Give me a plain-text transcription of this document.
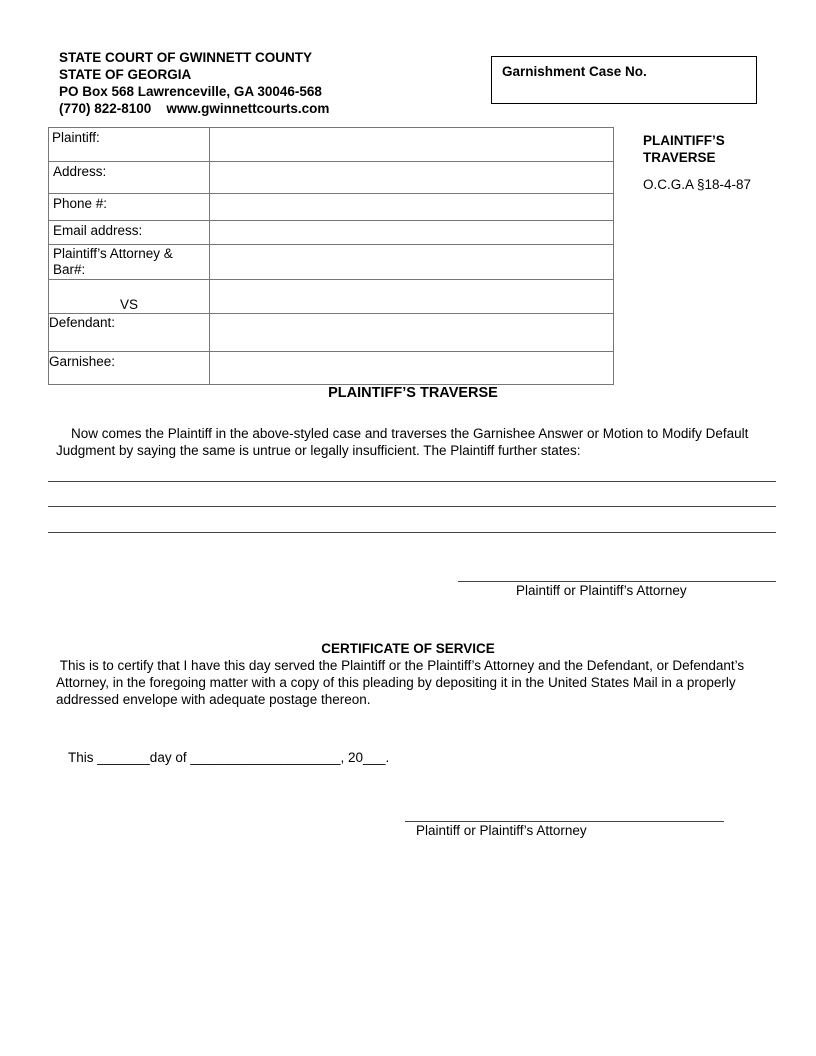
STATE COURT OF GWINNETT COUNTY
STATE OF GEORGIA
PO Box 568 Lawrenceville, GA 30046-568
(770) 822-8100    www.gwinnettcourts.com
Garnishment Case No.
PLAINTIFF’S
TRAVERSE
O.C.G.A §18-4-87
Plaintiff:	

Address:	

Phone #:	

Email address:	

Plaintiff’s Attorney &
Bar#:	

VS	

Defendant:	

Garnishee:	

PLAINTIFF’S TRAVERSE
Now comes the Plaintiff in the above-styled case and traverses the Garnishee Answer or Motion to Modify Default Judgment by saying the same is untrue or legally insufficient. The Plaintiff further states:
Plaintiff or Plaintiff’s Attorney
CERTIFICATE OF SERVICE
This is to certify that I have this day served the Plaintiff or the Plaintiff’s Attorney and the Defendant, or Defendant’s Attorney, in the foregoing matter with a copy of this pleading by depositing it in the United States Mail in a properly addressed envelope with adequate postage thereon.
This _______day of ____________________, 20___.
Plaintiff or Plaintiff’s Attorney
